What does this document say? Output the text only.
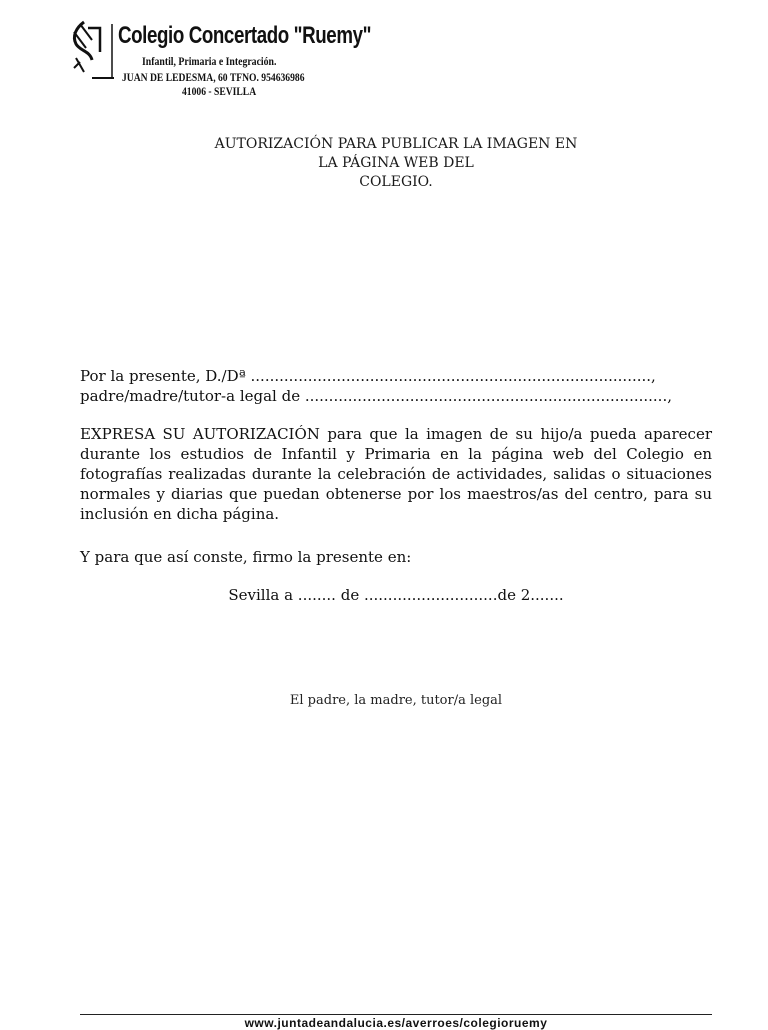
Colegio Concertado "Ruemy"
Infantil, Primaria e Integración.
JUAN DE LEDESMA, 60 TFNO. 954636986
41006 - SEVILLA
AUTORIZACIÓN PARA PUBLICAR LA IMAGEN EN
LA PÁGINA WEB DEL
COLEGIO.
Por la presente, D./Dª ....................................................................................,
padre/madre/tutor-a legal de ............................................................................,

EXPRESA SU AUTORIZACIÓN para que la imagen de su hijo/a pueda aparecer durante los estudios de Infantil y Primaria en la página web del Colegio en fotografías realizadas durante la celebración de actividades, salidas o situaciones normales y diarias que puedan obtenerse por los maestros/as del centro, para su inclusión en dicha página.

Y para que así conste, firmo la presente en:

Sevilla a ........ de ............................de 2.......
El padre, la madre, tutor/a legal
www.juntadeandalucia.es/averroes/colegioruemy
